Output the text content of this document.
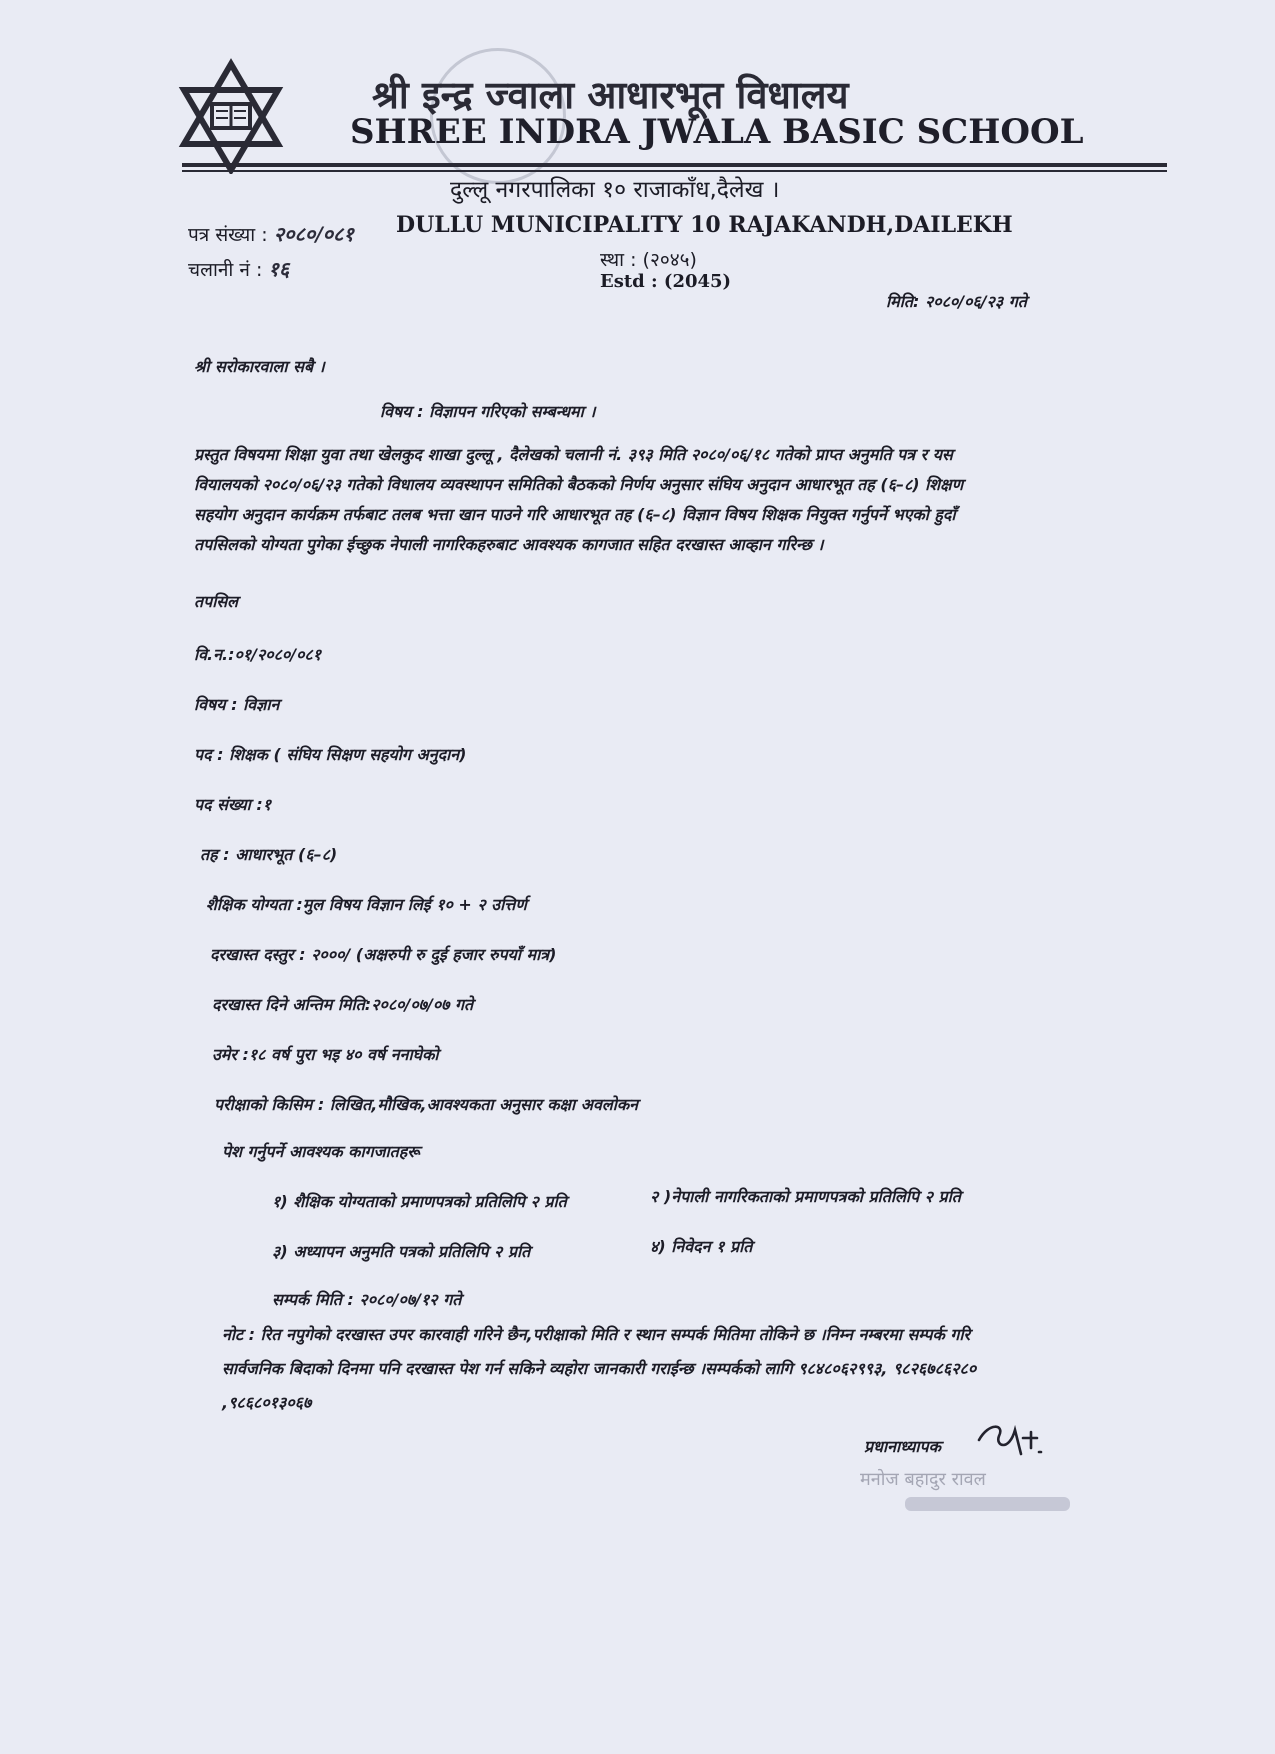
श्री इन्द्र ज्वाला आधारभूत विधालय
SHREE INDRA JWALA BASIC SCHOOL
दुल्लू नगरपालिका १० राजाकाँध,दैलेख ।
DULLU MUNICIPALITY 10 RAJAKANDH,DAILEKH
पत्र संख्या : २०८०/०८१
चलानी नं : १६	स्था : (२०४५)
Estd : (2045)
मिति: २०८०/०६/२३ गते
श्री सरोकारवाला सबै ।
विषय : विज्ञापन गरिएको सम्बन्धमा ।
प्रस्तुत विषयमा शिक्षा युवा तथा खेलकुद शाखा दुल्लू , दैलेखको चलानी नं. ३९३ मिति २०८०/०६/१८ गतेको प्राप्त अनुमति पत्र र यस
वियालयको २०८०/०६/२३ गतेको विधालय व्यवस्थापन समितिको बैठकको निर्णय अनुसार संघिय अनुदान आधारभूत तह (६–८) शिक्षण
सहयोग अनुदान कार्यक्रम तर्फबाट तलब भत्ता खान पाउने गरि आधारभूत तह (६–८) विज्ञान विषय शिक्षक नियुक्त गर्नुपर्ने भएको हुदाँ
तपसिलको योग्यता पुगेका ईच्छुक नेपाली नागरिकहरुबाट आवश्यक कागजात सहित दरखास्त आव्हान गरिन्छ ।
तपसिल
वि.न.:०१/२०८०/०८१
विषय : विज्ञान
पद : शिक्षक ( संघिय सिक्षण सहयोग अनुदान)
पद संख्या :१
तह : आधारभूत (६–८)
शैक्षिक योग्यता :मुल विषय विज्ञान लिई १० + २ उत्तिर्ण
दरखास्त दस्तुर : २०००/ (अक्षरुपी रु दुई हजार रुपयाँ मात्र)
दरखास्त दिने अन्तिम मिति:२०८०/०७/०७ गते
उमेर :१८ वर्ष पुरा भइ ४० वर्ष ननाघेको
परीक्षाको किसिम : लिखित,मौखिक,आवश्यकता अनुसार कक्षा अवलोकन
पेश गर्नुपर्ने आवश्यक कागजातहरू
१) शैक्षिक योग्यताको प्रमाणपत्रको प्रतिलिपि २ प्रति	२ )नेपाली नागरिकताको प्रमाणपत्रको प्रतिलिपि २ प्रति
३) अध्यापन अनुमति पत्रको प्रतिलिपि २ प्रति	४) निवेदन १ प्रति
सम्पर्क मिति : २०८०/०७/१२ गते
नोट : रित नपुगेको दरखास्त उपर कारवाही गरिने छैन,परीक्षाको मिति र स्थान सम्पर्क मितिमा तोकिने छ ।निम्न नम्बरमा सम्पर्क गरि
सार्वजनिक बिदाको दिनमा पनि दरखास्त पेश गर्न सकिने व्यहोरा जानकारी गराईन्छ ।सम्पर्कको लागि ९८४८०६२९९३, ९८२६७८६२८०
,९८६८०१३०६७
प्रधानाध्यापक
मनोज बहादुर रावल
